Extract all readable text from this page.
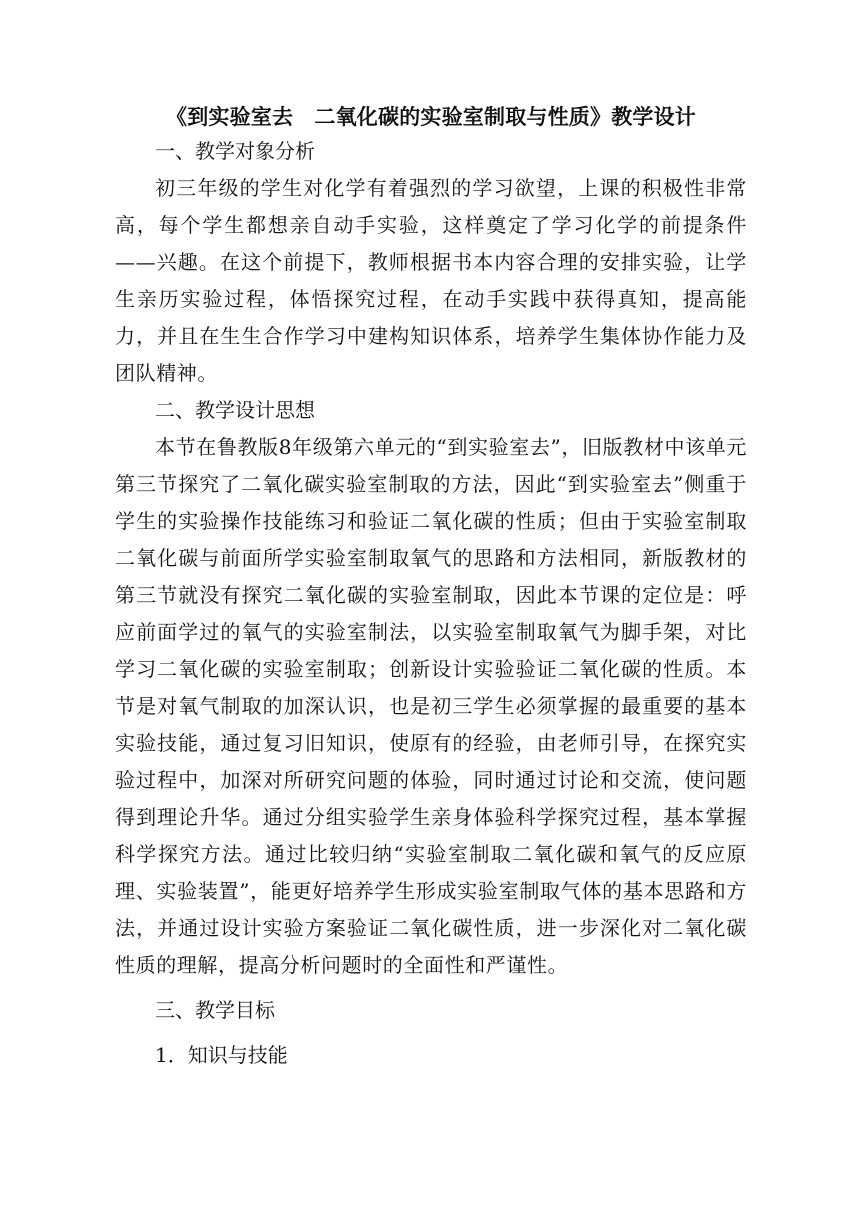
《到实验室去　二氧化碳的实验室制取与性质》教学设计
一、教学对象分析

初三年级的学生对化学有着强烈的学习欲望，上课的积极性非常高，每个学生都想亲自动手实验，这样奠定了学习化学的前提条件——兴趣。在这个前提下，教师根据书本内容合理的安排实验，让学生亲历实验过程，体悟探究过程，在动手实践中获得真知，提高能力，并且在生生合作学习中建构知识体系，培养学生集体协作能力及团队精神。

二、教学设计思想

本节在鲁教版8年级第六单元的“到实验室去”，旧版教材中该单元第三节探究了二氧化碳实验室制取的方法，因此“到实验室去”侧重于学生的实验操作技能练习和验证二氧化碳的性质；但由于实验室制取二氧化碳与前面所学实验室制取氧气的思路和方法相同，新版教材的第三节就没有探究二氧化碳的实验室制取，因此本节课的定位是：呼应前面学过的氧气的实验室制法，以实验室制取氧气为脚手架，对比学习二氧化碳的实验室制取；创新设计实验验证二氧化碳的性质。本节是对氧气制取的加深认识，也是初三学生必须掌握的最重要的基本实验技能，通过复习旧知识，使原有的经验，由老师引导，在探究实验过程中，加深对所研究问题的体验，同时通过讨论和交流，使问题得到理论升华。通过分组实验学生亲身体验科学探究过程，基本掌握科学探究方法。通过比较归纳“实验室制取二氧化碳和氧气的反应原理、实验装置”，能更好培养学生形成实验室制取气体的基本思路和方法，并通过设计实验方案验证二氧化碳性质，进一步深化对二氧化碳性质的理解，提高分析问题时的全面性和严谨性。

三、教学目标
1．知识与技能
